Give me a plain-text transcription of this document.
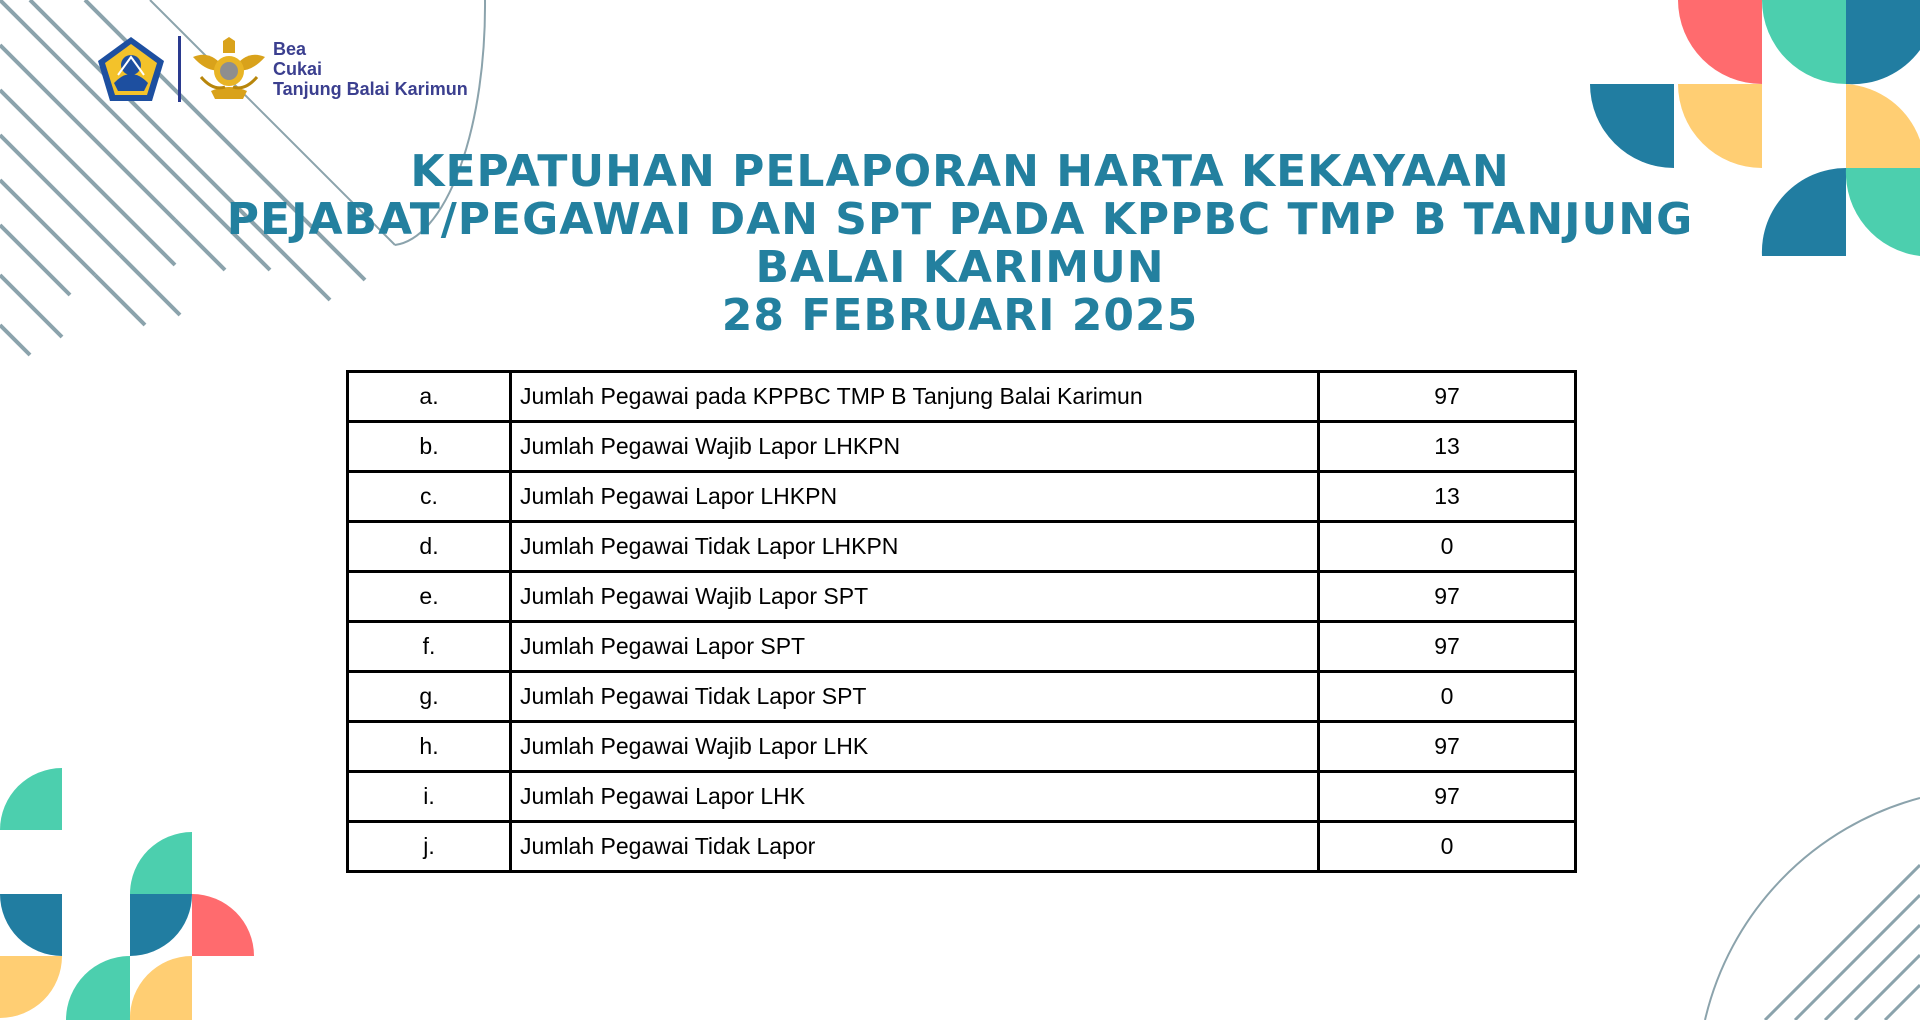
Bea
Cukai
Tanjung Balai Karimun
KEPATUHAN PELAPORAN HARTA KEKAYAAN
PEJABAT/PEGAWAI DAN SPT PADA KPPBC TMP B TANJUNG
BALAI KARIMUN
28 FEBRUARI 2025
a.	Jumlah Pegawai pada KPPBC TMP B Tanjung Balai Karimun	97
b.	Jumlah Pegawai Wajib Lapor LHKPN	13
c.	Jumlah Pegawai Lapor LHKPN	13
d.	Jumlah Pegawai Tidak Lapor LHKPN	0
e.	Jumlah Pegawai Wajib Lapor SPT	97
f.	Jumlah Pegawai Lapor SPT	97
g.	Jumlah Pegawai Tidak Lapor SPT	0
h.	Jumlah Pegawai Wajib Lapor LHK	97
i.	Jumlah Pegawai Lapor LHK	97
j.	Jumlah Pegawai Tidak Lapor	0
